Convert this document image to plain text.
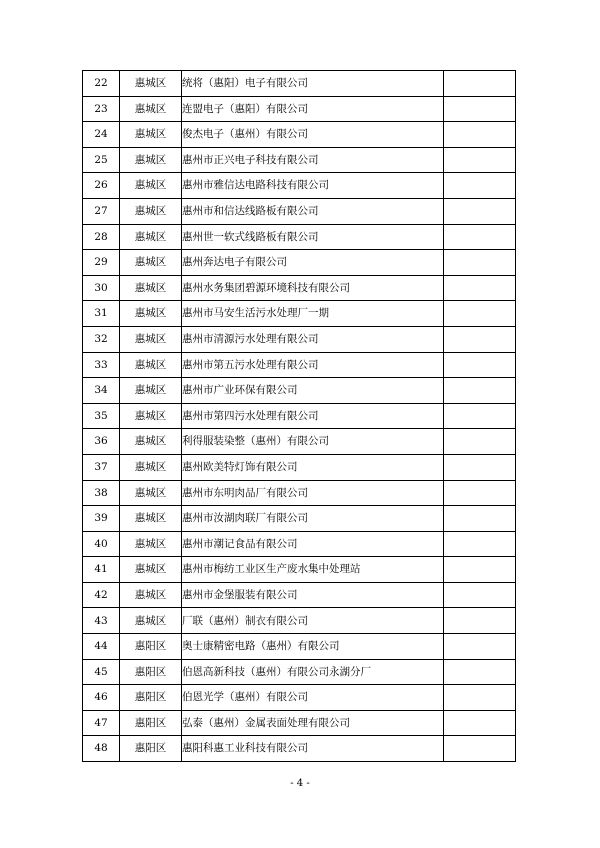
22	惠城区	统将（惠阳）电子有限公司	
23	惠城区	连盟电子（惠阳）有限公司	
24	惠城区	俊杰电子（惠州）有限公司	
25	惠城区	惠州市正兴电子科技有限公司	
26	惠城区	惠州市雅信达电路科技有限公司	
27	惠城区	惠州市和信达线路板有限公司	
28	惠城区	惠州世一软式线路板有限公司	
29	惠城区	惠州奔达电子有限公司	
30	惠城区	惠州水务集团碧源环境科技有限公司	
31	惠城区	惠州市马安生活污水处理厂一期	
32	惠城区	惠州市清源污水处理有限公司	
33	惠城区	惠州市第五污水处理有限公司	
34	惠城区	惠州市广业环保有限公司	
35	惠城区	惠州市第四污水处理有限公司	
36	惠城区	利得服装染整（惠州）有限公司	
37	惠城区	惠州欧美特灯饰有限公司	
38	惠城区	惠州市东明肉品厂有限公司	
39	惠城区	惠州市汝湖肉联厂有限公司	
40	惠城区	惠州市潮记食品有限公司	
41	惠城区	惠州市梅纺工业区生产废水集中处理站	
42	惠城区	惠州市金堡服装有限公司	
43	惠城区	厂联（惠州）制衣有限公司	
44	惠阳区	奥士康精密电路（惠州）有限公司	
45	惠阳区	伯恩高新科技（惠州）有限公司永湖分厂	
46	惠阳区	伯恩光学（惠州）有限公司	
47	惠阳区	弘泰（惠州）金属表面处理有限公司	
48	惠阳区	惠阳科惠工业科技有限公司	
- 4 -
